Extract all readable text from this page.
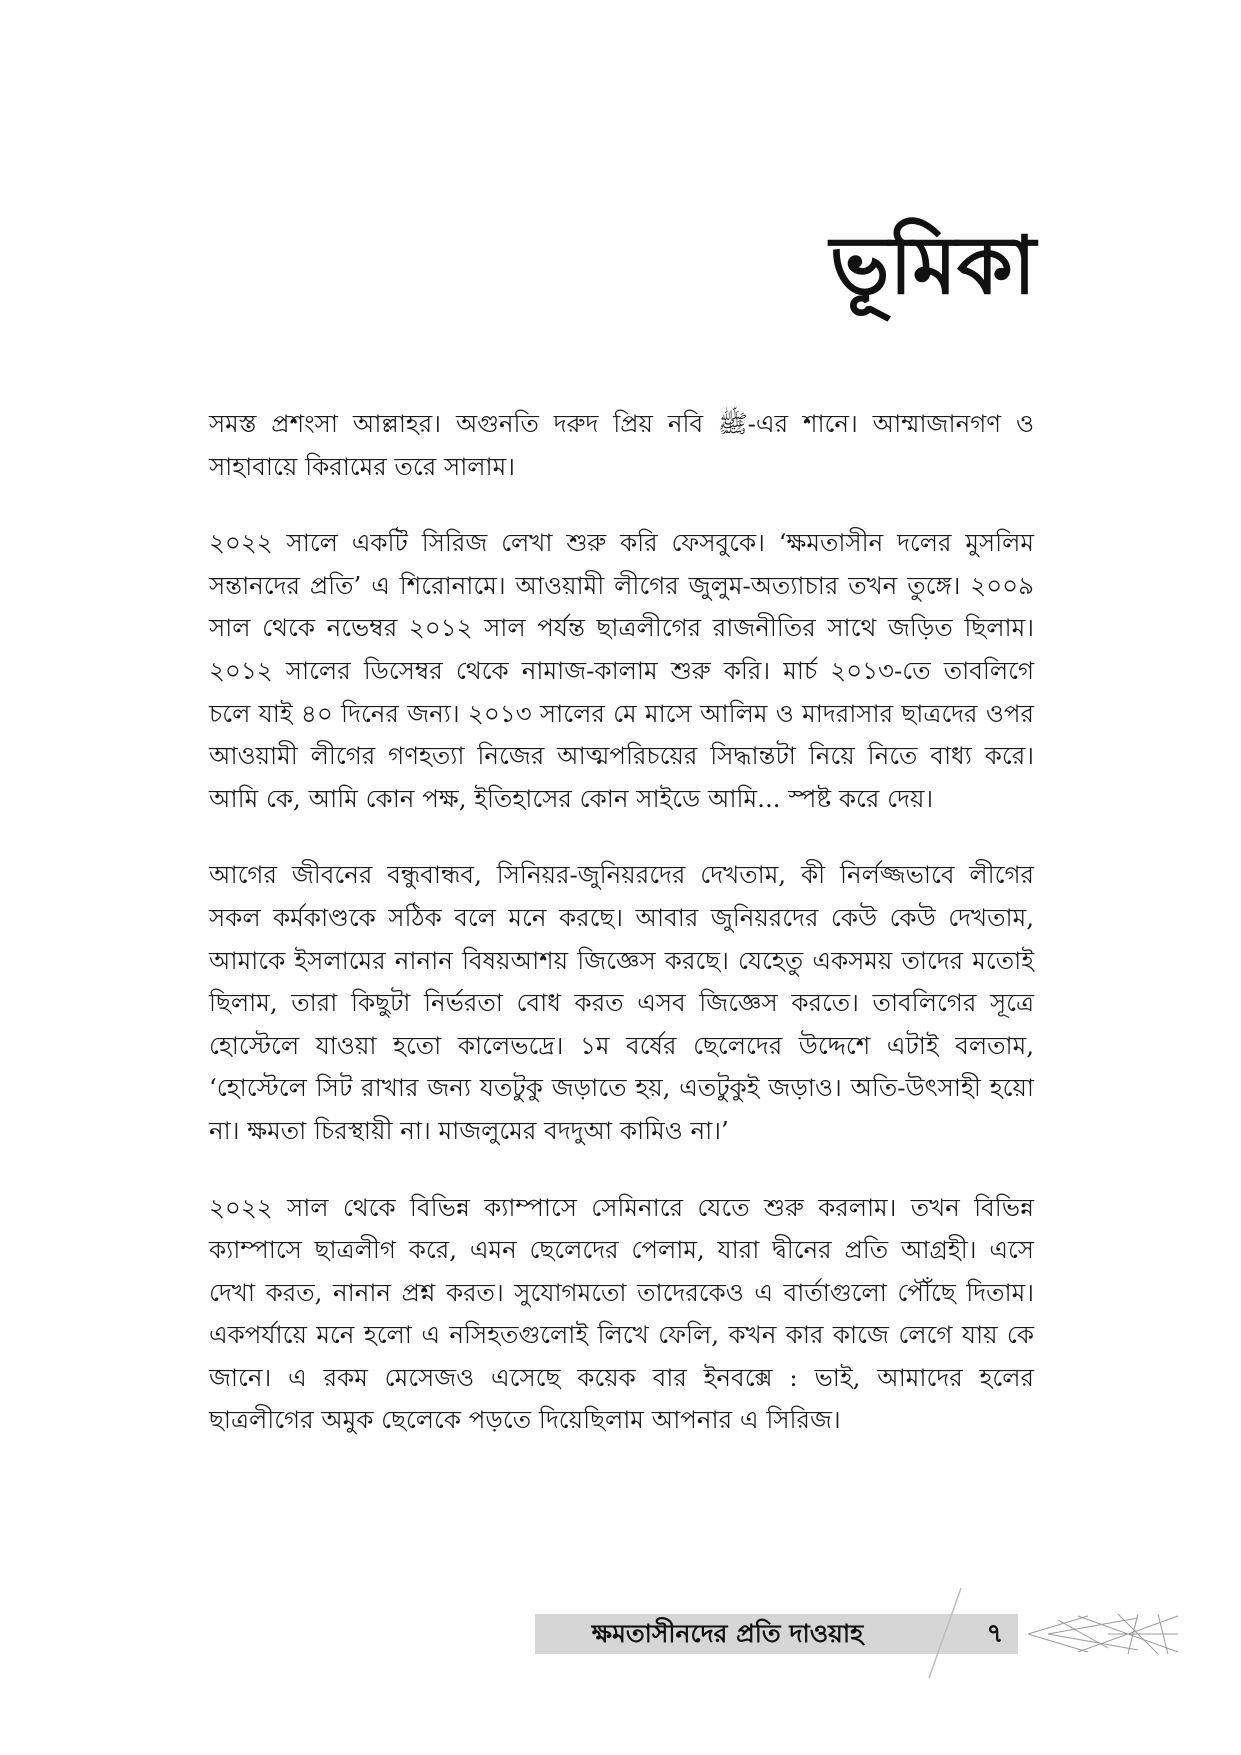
ভূমিকা

সমস্ত প্রশংসা আল্লাহর। অগুনতি দরুদ প্রিয় নবি ﷺ-এর শানে। আম্মাজানগণ ও সাহাবায়ে কিরামের তরে সালাম।

২০২২ সালে একটি সিরিজ লেখা শুরু করি ফেসবুকে। ‘ক্ষমতাসীন দলের মুসলিম সন্তানদের প্রতি’ এ শিরোনামে। আওয়ামী লীগের জুলুম-অত্যাচার তখন তুঙ্গে। ২০০৯ সাল থেকে নভেম্বর ২০১২ সাল পর্যন্ত ছাত্রলীগের রাজনীতির সাথে জড়িত ছিলাম। ২০১২ সালের ডিসেম্বর থেকে নামাজ-কালাম শুরু করি। মার্চ ২০১৩-তে তাবলিগে চলে যাই ৪০ দিনের জন্য। ২০১৩ সালের মে মাসে আলিম ও মাদরাসার ছাত্রদের ওপর আওয়ামী লীগের গণহত্যা নিজের আত্মপরিচয়ের সিদ্ধান্তটা নিয়ে নিতে বাধ্য করে। আমি কে, আমি কোন পক্ষ, ইতিহাসের কোন সাইডে আমি... স্পষ্ট করে দেয়।

আগের জীবনের বন্ধুবান্ধব, সিনিয়র-জুনিয়রদের দেখতাম, কী নির্লজ্জভাবে লীগের সকল কর্মকাণ্ডকে সঠিক বলে মনে করছে। আবার জুনিয়রদের কেউ কেউ দেখতাম, আমাকে ইসলামের নানান বিষয়আশয় জিজ্ঞেস করছে। যেহেতু একসময় তাদের মতোই ছিলাম, তারা কিছুটা নির্ভরতা বোধ করত এসব জিজ্ঞেস করতে। তাবলিগের সূত্রে হোস্টেলে যাওয়া হতো কালেভদ্রে। ১ম বর্ষের ছেলেদের উদ্দেশে এটাই বলতাম, ‘হোস্টেলে সিট রাখার জন্য যতটুকু জড়াতে হয়, এতটুকুই জড়াও। অতি-উৎসাহী হয়ো না। ক্ষমতা চিরস্থায়ী না। মাজলুমের বদদুআ কামিও না।’

২০২২ সাল থেকে বিভিন্ন ক্যাম্পাসে সেমিনারে যেতে শুরু করলাম। তখন বিভিন্ন ক্যাম্পাসে ছাত্রলীগ করে, এমন ছেলেদের পেলাম, যারা দ্বীনের প্রতি আগ্রহী। এসে দেখা করত, নানান প্রশ্ন করত। সুযোগমতো তাদেরকেও এ বার্তাগুলো পৌঁছে দিতাম। একপর্যায়ে মনে হলো এ নসিহতগুলোই লিখে ফেলি, কখন কার কাজে লেগে যায় কে জানে। এ রকম মেসেজও এসেছে কয়েক বার ইনবক্সে : ভাই, আমাদের হলের ছাত্রলীগের অমুক ছেলেকে পড়তে দিয়েছিলাম আপনার এ সিরিজ।

ক্ষমতাসীনদের প্রতি দাওয়াহ	৭
